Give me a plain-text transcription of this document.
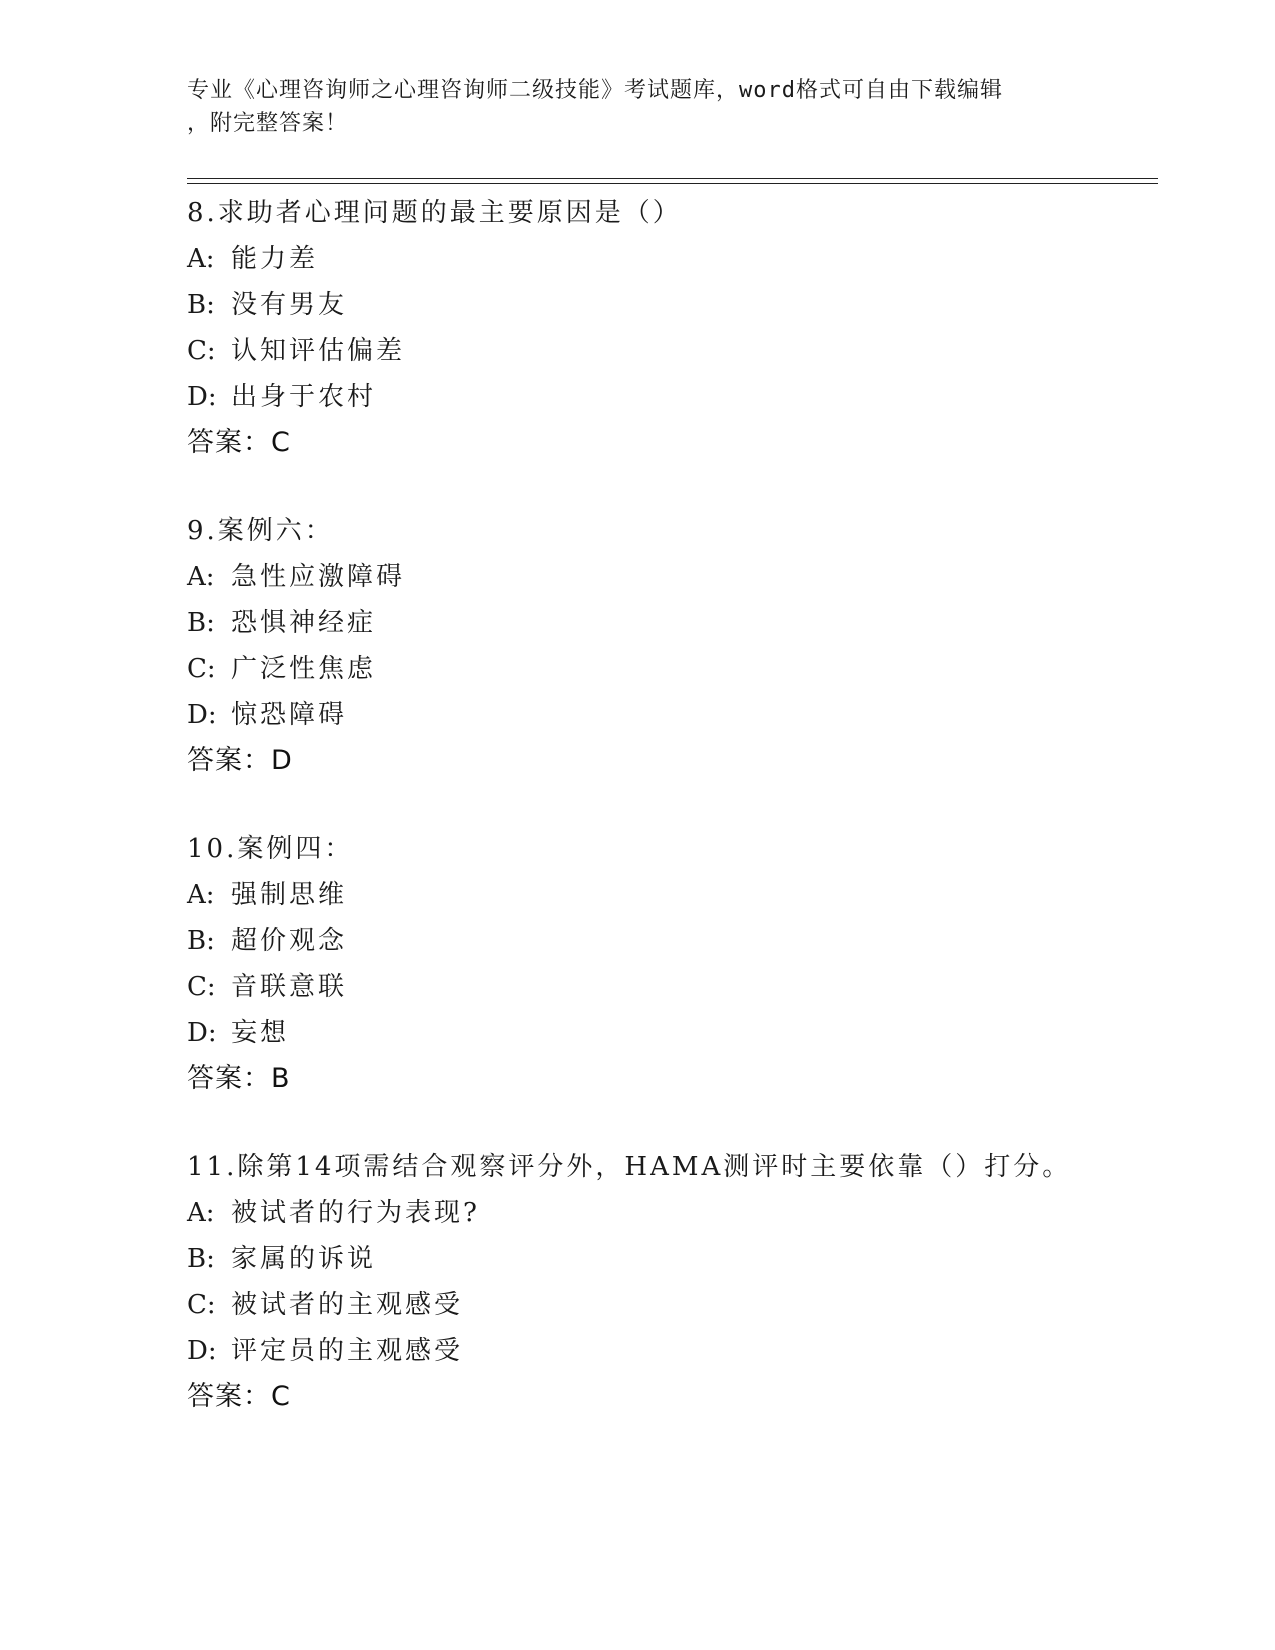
专业《心理咨询师之心理咨询师二级技能》考试题库，word格式可自由下载编辑
，附完整答案！
8.求助者心理问题的最主要原因是（）
A: 能力差
B: 没有男友
C: 认知评估偏差
D: 出身于农村
答案：C
9.案例六：
A: 急性应激障碍
B: 恐惧神经症
C: 广泛性焦虑
D: 惊恐障碍
答案：D
10.案例四：
A: 强制思维
B: 超价观念
C: 音联意联
D: 妄想
答案：B
11.除第14项需结合观察评分外，HAMA测评时主要依靠（）打分。
A: 被试者的行为表现?
B: 家属的诉说
C: 被试者的主观感受
D: 评定员的主观感受
答案：C
